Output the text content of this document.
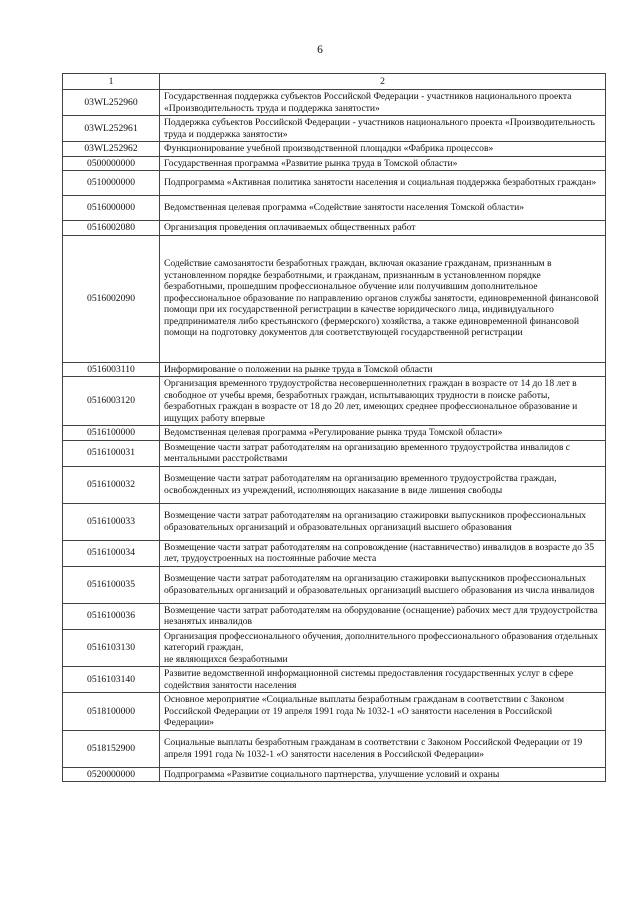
6
1	2
03WL252960	Государственная поддержка субъектов Российской Федерации - участников национального проекта «Производительность труда и поддержка занятости»
03WL252961	Поддержка субъектов Российской Федерации - участников национального проекта «Производительность труда и поддержка занятости»
03WL252962	Функционирование учебной производственной площадки «Фабрика процессов»
0500000000	Государственная программа «Развитие рынка труда в Томской области»
0510000000	Подпрограмма «Активная политика занятости населения и социальная поддержка безработных граждан»
0516000000	Ведомственная целевая программа «Содействие занятости населения Томской области»
0516002080	Организация проведения оплачиваемых общественных работ
0516002090	Содействие самозанятости безработных граждан, включая оказание гражданам, признанным в установленном порядке безработными, и гражданам, признанным в установленном порядке безработными, прошедшим профессиональное обучение или получившим дополнительное профессиональное образование по направлению органов службы занятости, единовременной финансовой помощи при их государственной регистрации в качестве юридического лица, индивидуального предпринимателя либо крестьянского (фермерского) хозяйства, а также единовременной финансовой помощи на подготовку документов для соответствующей государственной регистрации
0516003110	Информирование о положении на рынке труда в Томской области
0516003120	Организация временного трудоустройства несовершеннолетних граждан в возрасте от 14 до 18 лет в свободное от учебы время, безработных граждан, испытывающих трудности в поиске работы, безработных граждан в возрасте от 18 до 20 лет, имеющих среднее профессиональное образование и ищущих работу впервые
0516100000	Ведомственная целевая программа «Регулирование рынка труда Томской области»
0516100031	Возмещение части затрат работодателям на организацию временного трудоустройства инвалидов с ментальными расстройствами
0516100032	Возмещение части затрат работодателям на организацию временного трудоустройства граждан, освобожденных из учреждений, исполняющих наказание в виде лишения свободы
0516100033	Возмещение части затрат работодателям на организацию стажировки выпускников профессиональных образовательных организаций и образовательных организаций высшего образования
0516100034	Возмещение части затрат работодателям на сопровождение (наставничество) инвалидов в возрасте до 35 лет, трудоустроенных на постоянные рабочие места
0516100035	Возмещение части затрат работодателям на организацию стажировки выпускников профессиональных образовательных организаций и образовательных организаций высшего образования из числа инвалидов
0516100036	Возмещение части затрат работодателям на оборудование (оснащение) рабочих мест для трудоустройства незанятых инвалидов
0516103130	Организация профессионального обучения, дополнительного профессионального образования отдельных категорий граждан,
не являющихся безработными
0516103140	Развитие ведомственной информационной системы предоставления государственных услуг в сфере содействия занятости населения
0518100000	Основное мероприятие «Социальные выплаты безработным гражданам в соответствии с Законом Российской Федерации от 19 апреля 1991 года № 1032-1 «О занятости населения в Российской Федерации»
0518152900	Социальные выплаты безработным гражданам в соответствии с Законом Российской Федерации от 19 апреля 1991 года № 1032-1 «О занятости населения в Российской Федерации»
0520000000	Подпрограмма «Развитие социального партнерства, улучшение условий и охраны
